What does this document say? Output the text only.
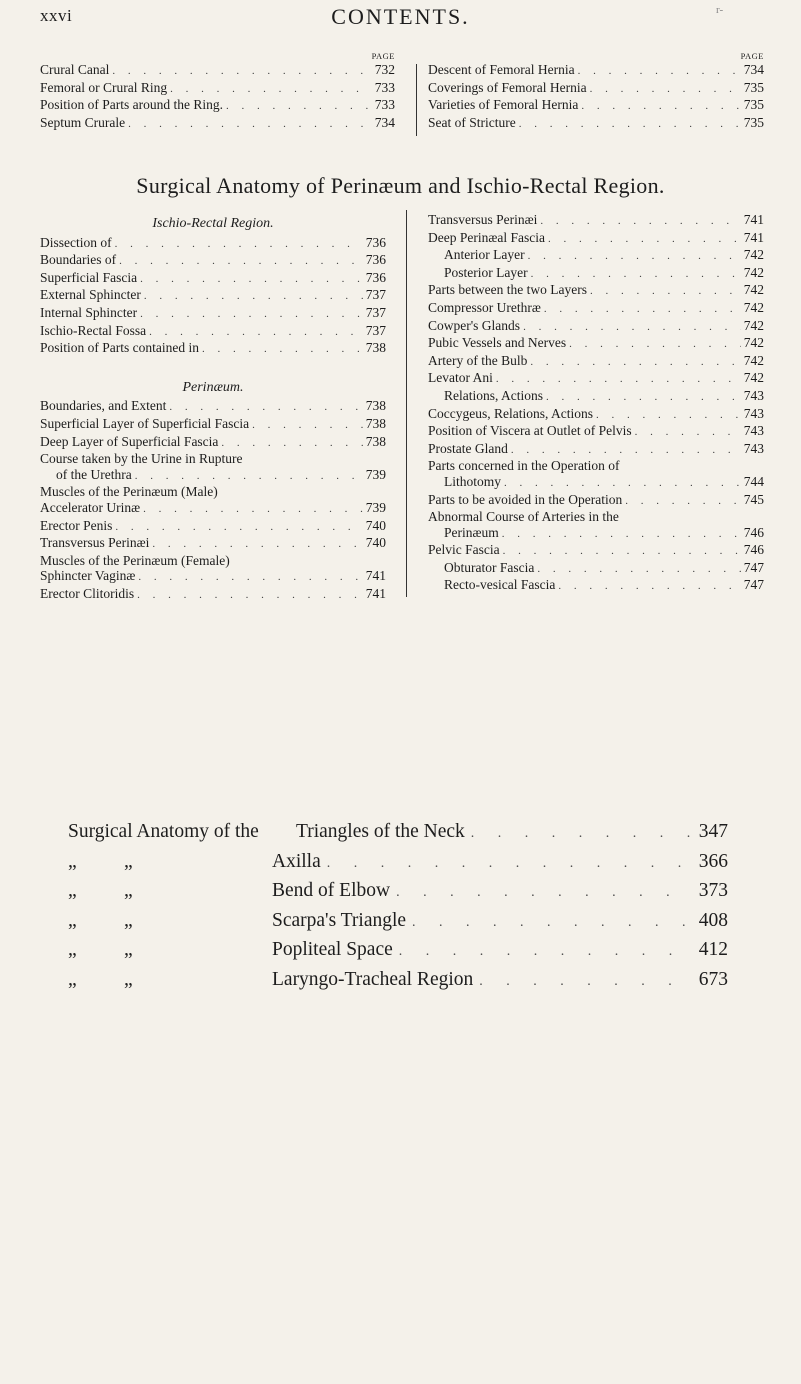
xxvi	CONTENTS.	r-
PAGE
Crural Canal . . .	732
Femoral or Crural Ring . . .	733
Position of Parts around the Ring. . . .	733
Septum Crurale . . .	734
PAGE
Descent of Femoral Hernia . . .	734
Coverings of Femoral Hernia . . .	735
Varieties of Femoral Hernia . . .	735
Seat of Stricture . . .	735
Surgical Anatomy of Perinæum and Ischio-Rectal Region.
Ischio-Rectal Region.
Dissection of . . .	736
Boundaries of . . .	736
Superficial Fascia . . .	736
External Sphincter . . .	737
Internal Sphincter . . .	737
Ischio-Rectal Fossa . . .	737
Position of Parts contained in . . .	738
Perinæum.
Boundaries, and Extent . . .	738
Superficial Layer of Superficial Fascia . . .	738
Deep Layer of Superficial Fascia . . .	738
Course taken by the Urine in Rupture
of the Urethra . . .	739
Muscles of the Perinæum (Male)
Accelerator Urinæ . . .	739
Erector Penis . . .	740
Transversus Perinæi . . .	740
Muscles of the Perinæum (Female)
Sphincter Vaginæ . . .	741
Erector Clitoridis . . .	741
Transversus Perinæi . . .	741
Deep Perinæal Fascia . . .	741
Anterior Layer . . .	742
Posterior Layer . . .	742
Parts between the two Layers . . .	742
Compressor Urethræ . . .	742
Cowper's Glands . . .	742
Pubic Vessels and Nerves . . .	742
Artery of the Bulb . . .	742
Levator Ani . . .	742
Relations, Actions . . .	743
Coccygeus, Relations, Actions . . .	743
Position of Viscera at Outlet of Pelvis . . .	743
Prostate Gland . . .	743
Parts concerned in the Operation of
Lithotomy . . .	744
Parts to be avoided in the Operation . . .	745
Abnormal Course of Arteries in the
Perinæum . . .	746
Pelvic Fascia . . .	746
Obturator Fascia . . .	747
Recto-vesical Fascia . . .	747
Surgical Anatomy of the	Triangles of the Neck . . .	347
„	„	Axilla . . .	366
„	„	Bend of Elbow . . .	373
„	„	Scarpa's Triangle . . .	408
„	„	Popliteal Space . . .	412
„	„	Laryngo-Tracheal Region . . .	673
